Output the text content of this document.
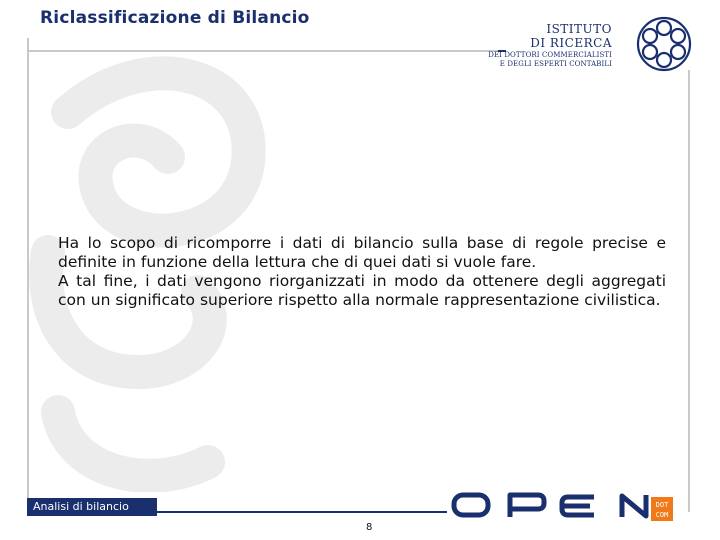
Riclassificazione di Bilancio
ISTITUTO
DI RICERCA
DEI DOTTORI COMMERCIALISTI
E DEGLI ESPERTI CONTABILI

Ha lo scopo di ricomporre i dati di bilancio sulla base di regole precise e definite in funzione della lettura che di quei dati si vuole fare.

A tal fine, i dati vengono riorganizzati in modo da ottenere degli aggregati con un significato superiore rispetto alla normale rappresentazione civilistica.

Analisi di bilancio	DOT
COM
8
